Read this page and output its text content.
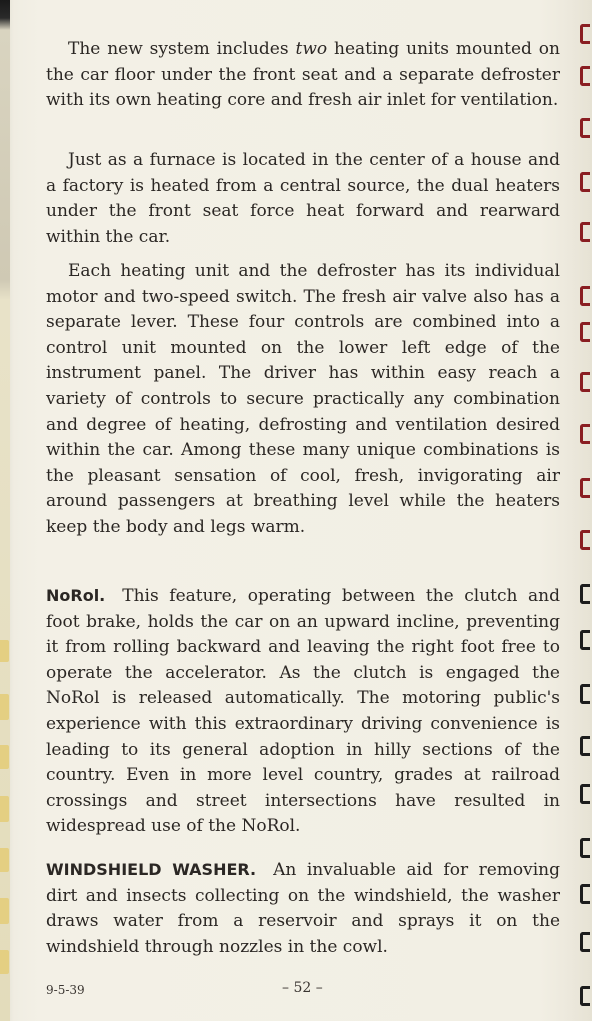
The new system includes two heating units mounted on the car floor under the front seat and a separate defroster with its own heating core and fresh air inlet for ventilation.

Just as a furnace is located in the center of a house and a factory is heated from a central source, the dual heaters under the front seat force heat forward and rearward within the car.

Each heating unit and the defroster has its individual motor and two-speed switch. The fresh air valve also has a separate lever. These four controls are combined into a control unit mounted on the lower left edge of the instrument panel. The driver has within easy reach a variety of controls to secure practically any combination and degree of heating, defrosting and ventilation desired within the car. Among these many unique combinations is the pleasant sensation of cool, fresh, invigorating air around passengers at breathing level while the heaters keep the body and legs warm.

NoRol.  This feature, operating between the clutch and foot brake, holds the car on an upward incline, preventing it from rolling backward and leaving the right foot free to operate the accelerator. As the clutch is engaged the NoRol is released automatically. The motoring public's experience with this extraordinary driving convenience is leading to its general adoption in hilly sections of the country. Even in more level country, grades at railroad crossings and street intersections have resulted in widespread use of the NoRol.

WINDSHIELD WASHER.  An invaluable aid for removing dirt and insects collecting on the windshield, the washer draws water from a reservoir and sprays it on the windshield through nozzles in the cowl.

9-5-39	– 52 –
